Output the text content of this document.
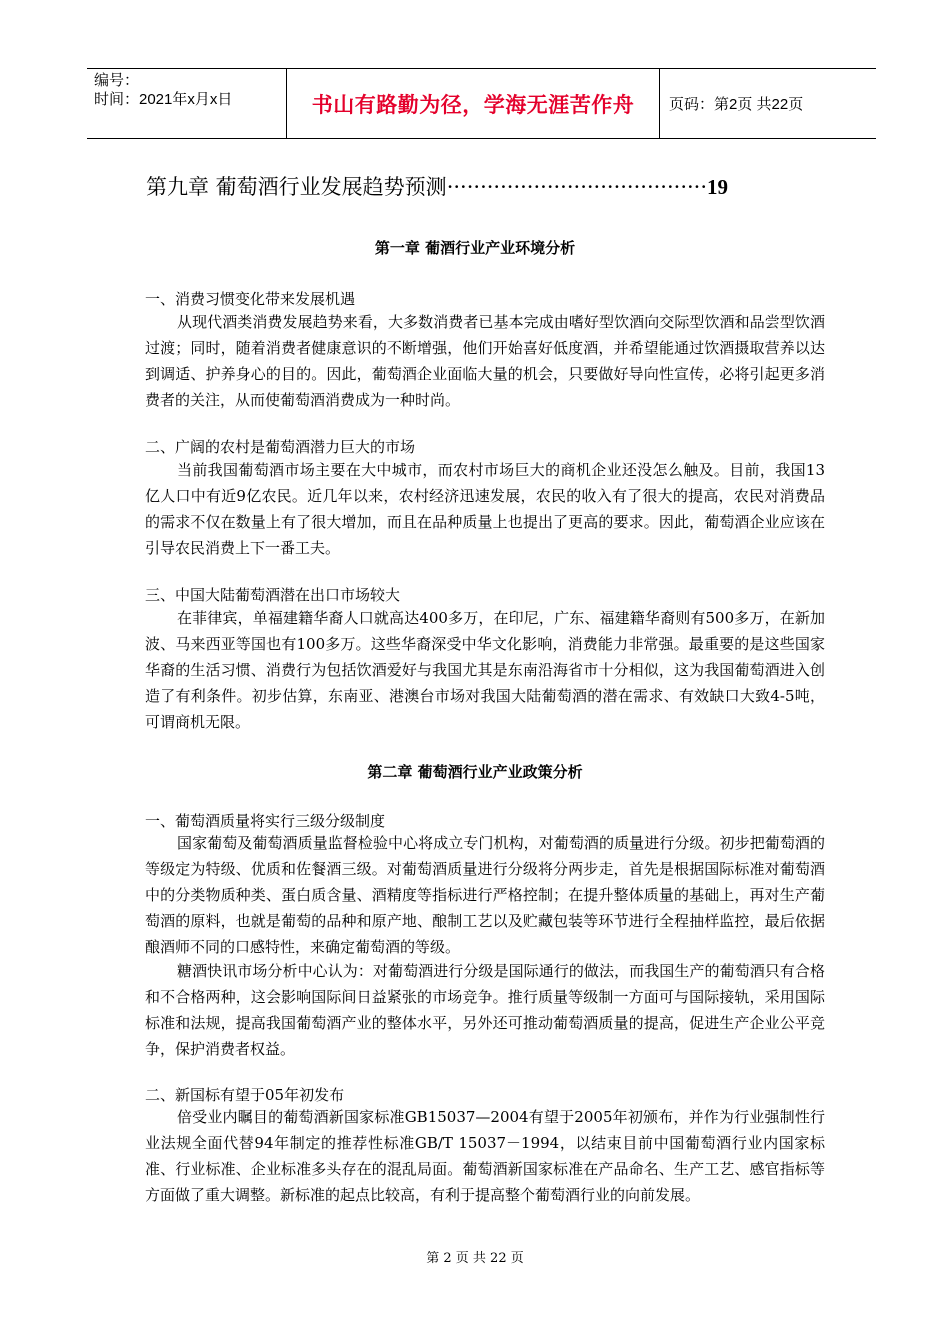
编号：
时间：2021年x月x日	书山有路勤为径，学海无涯苦作舟 页码：第2页 共22页
第九章 葡萄酒行业发展趋势预测·······································19
第一章 葡酒行业产业环境分析
一、消费习惯变化带来发展机遇
从现代酒类消费发展趋势来看，大多数消费者已基本完成由嗜好型饮酒向交际型饮酒和品尝型饮酒过渡；同时，随着消费者健康意识的不断增强，他们开始喜好低度酒，并希望能通过饮酒摄取营养以达到调适、护养身心的目的。因此，葡萄酒企业面临大量的机会，只要做好导向性宣传，必将引起更多消费者的关注，从而使葡萄酒消费成为一种时尚。
二、广阔的农村是葡萄酒潜力巨大的市场
当前我国葡萄酒市场主要在大中城市，而农村市场巨大的商机企业还没怎么触及。目前，我国13亿人口中有近9亿农民。近几年以来，农村经济迅速发展，农民的收入有了很大的提高，农民对消费品的需求不仅在数量上有了很大增加，而且在品种质量上也提出了更高的要求。因此，葡萄酒企业应该在引导农民消费上下一番工夫。
三、中国大陆葡萄酒潜在出口市场较大
在菲律宾，单福建籍华裔人口就高达400多万，在印尼，广东、福建籍华裔则有500多万，在新加波、马来西亚等国也有100多万。这些华裔深受中华文化影响，消费能力非常强。最重要的是这些国家华裔的生活习惯、消费行为包括饮酒爱好与我国尤其是东南沿海省市十分相似，这为我国葡萄酒进入创造了有利条件。初步估算，东南亚、港澳台市场对我国大陆葡萄酒的潜在需求、有效缺口大致4-5吨，可谓商机无限。
第二章 葡萄酒行业产业政策分析
一、葡萄酒质量将实行三级分级制度
国家葡萄及葡萄酒质量监督检验中心将成立专门机构，对葡萄酒的质量进行分级。初步把葡萄酒的等级定为特级、优质和佐餐酒三级。对葡萄酒质量进行分级将分两步走，首先是根据国际标准对葡萄酒中的分类物质种类、蛋白质含量、酒精度等指标进行严格控制；在提升整体质量的基础上，再对生产葡萄酒的原料，也就是葡萄的品种和原产地、酿制工艺以及贮藏包装等环节进行全程抽样监控，最后依据酿酒师不同的口感特性，来确定葡萄酒的等级。
糖酒快讯市场分析中心认为：对葡萄酒进行分级是国际通行的做法，而我国生产的葡萄酒只有合格和不合格两种，这会影响国际间日益紧张的市场竞争。推行质量等级制一方面可与国际接轨，采用国际标准和法规，提高我国葡萄酒产业的整体水平，另外还可推动葡萄酒质量的提高，促进生产企业公平竞争，保护消费者权益。
二、新国标有望于05年初发布
倍受业内瞩目的葡萄酒新国家标准GB15037—2004有望于2005年初颁布，并作为行业强制性行业法规全面代替94年制定的推荐性标准GB/T 15037－1994，以结束目前中国葡萄酒行业内国家标准、行业标准、企业标准多头存在的混乱局面。葡萄酒新国家标准在产品命名、生产工艺、感官指标等方面做了重大调整。新标准的起点比较高，有利于提高整个葡萄酒行业的向前发展。
第 2 页 共 22 页
